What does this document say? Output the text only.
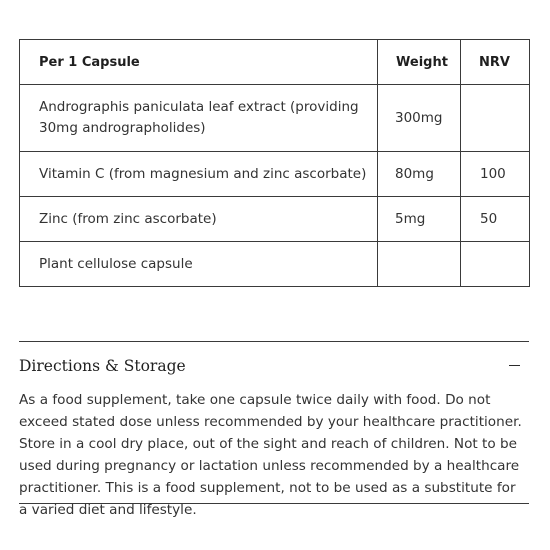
Per 1 Capsule	Weight	NRV
Andrographis paniculata leaf extract (providing 30mg andrographolides)	300mg	
Vitamin C (from magnesium and zinc ascorbate)	80mg	100
Zinc (from zinc ascorbate)	5mg	50
Plant cellulose capsule		
Directions & Storage

As a food supplement, take one capsule twice daily with food. Do not exceed stated dose unless recommended by your healthcare practitioner. Store in a cool dry place, out of the sight and reach of children. Not to be used during pregnancy or lactation unless recommended by a healthcare practitioner. This is a food supplement, not to be used as a substitute for a varied diet and lifestyle.
